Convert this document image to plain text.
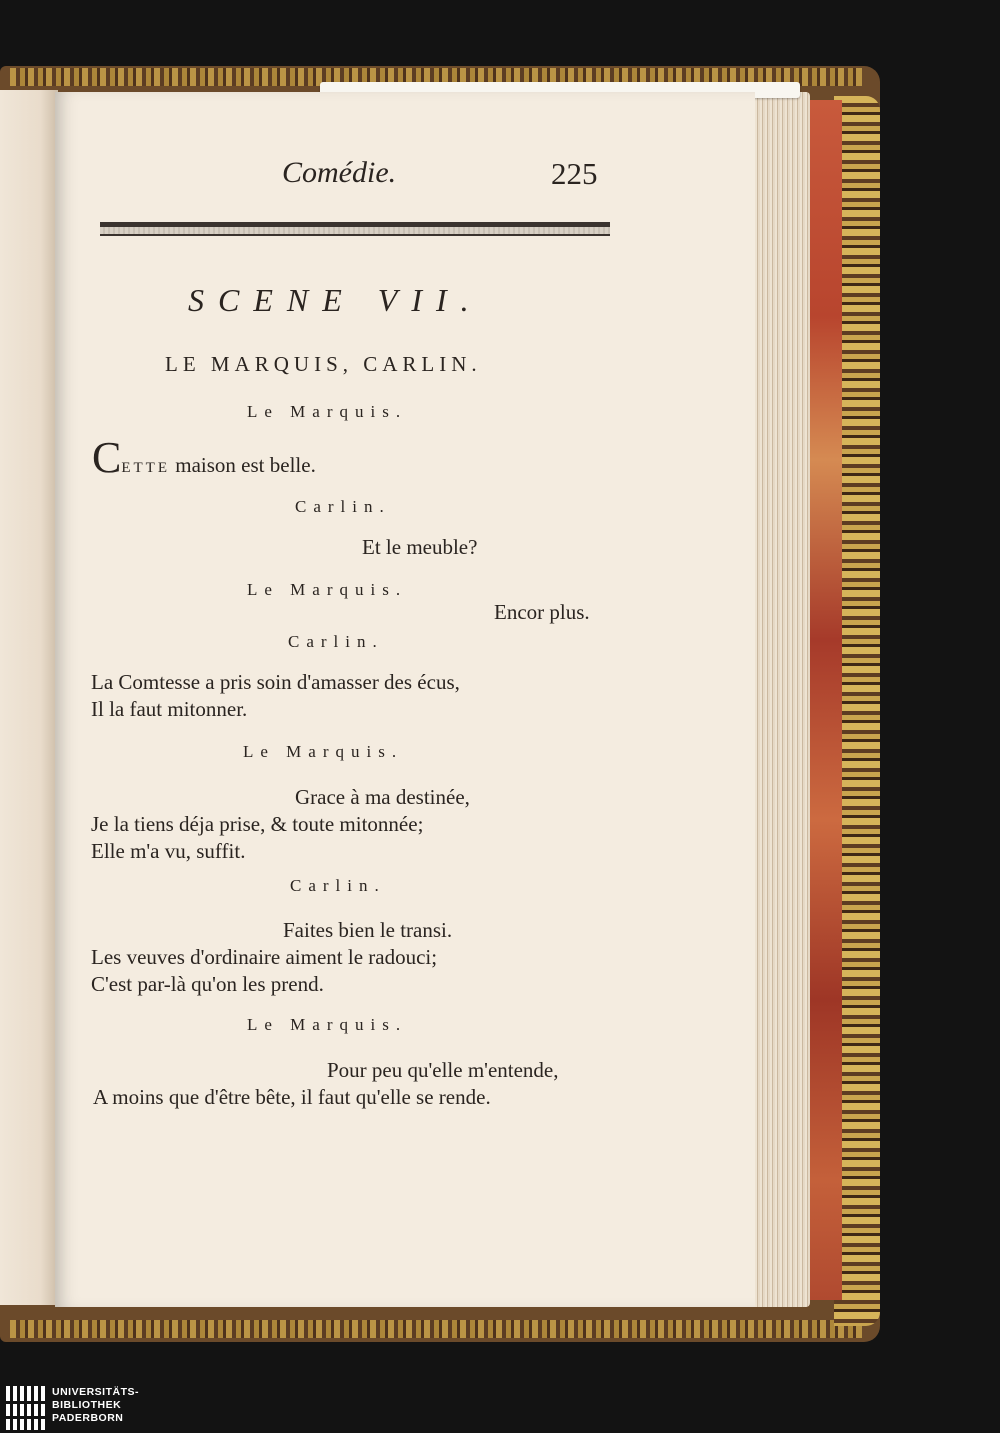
Comédie.	225
SCENE VII.
LE MARQUIS, CARLIN.
Le Marquis.
CETTE maison est belle.
Carlin.
Et le meuble?
Le Marquis.
Encor plus.
Carlin.
La Comtesse a pris soin d'amasser des écus,
Il la faut mitonner.
Le Marquis.
Grace à ma destinée,
Je la tiens déja prise, & toute mitonnée;
Elle m'a vu, suffit.
Carlin.
Faites bien le transi.
Les veuves d'ordinaire aiment le radouci;
C'est par-là qu'on les prend.
Le Marquis.
Pour peu qu'elle m'entende,
A moins que d'être bête, il faut qu'elle se rende.
UNIVERSITÄTS-
BIBLIOTHEK
PADERBORN
